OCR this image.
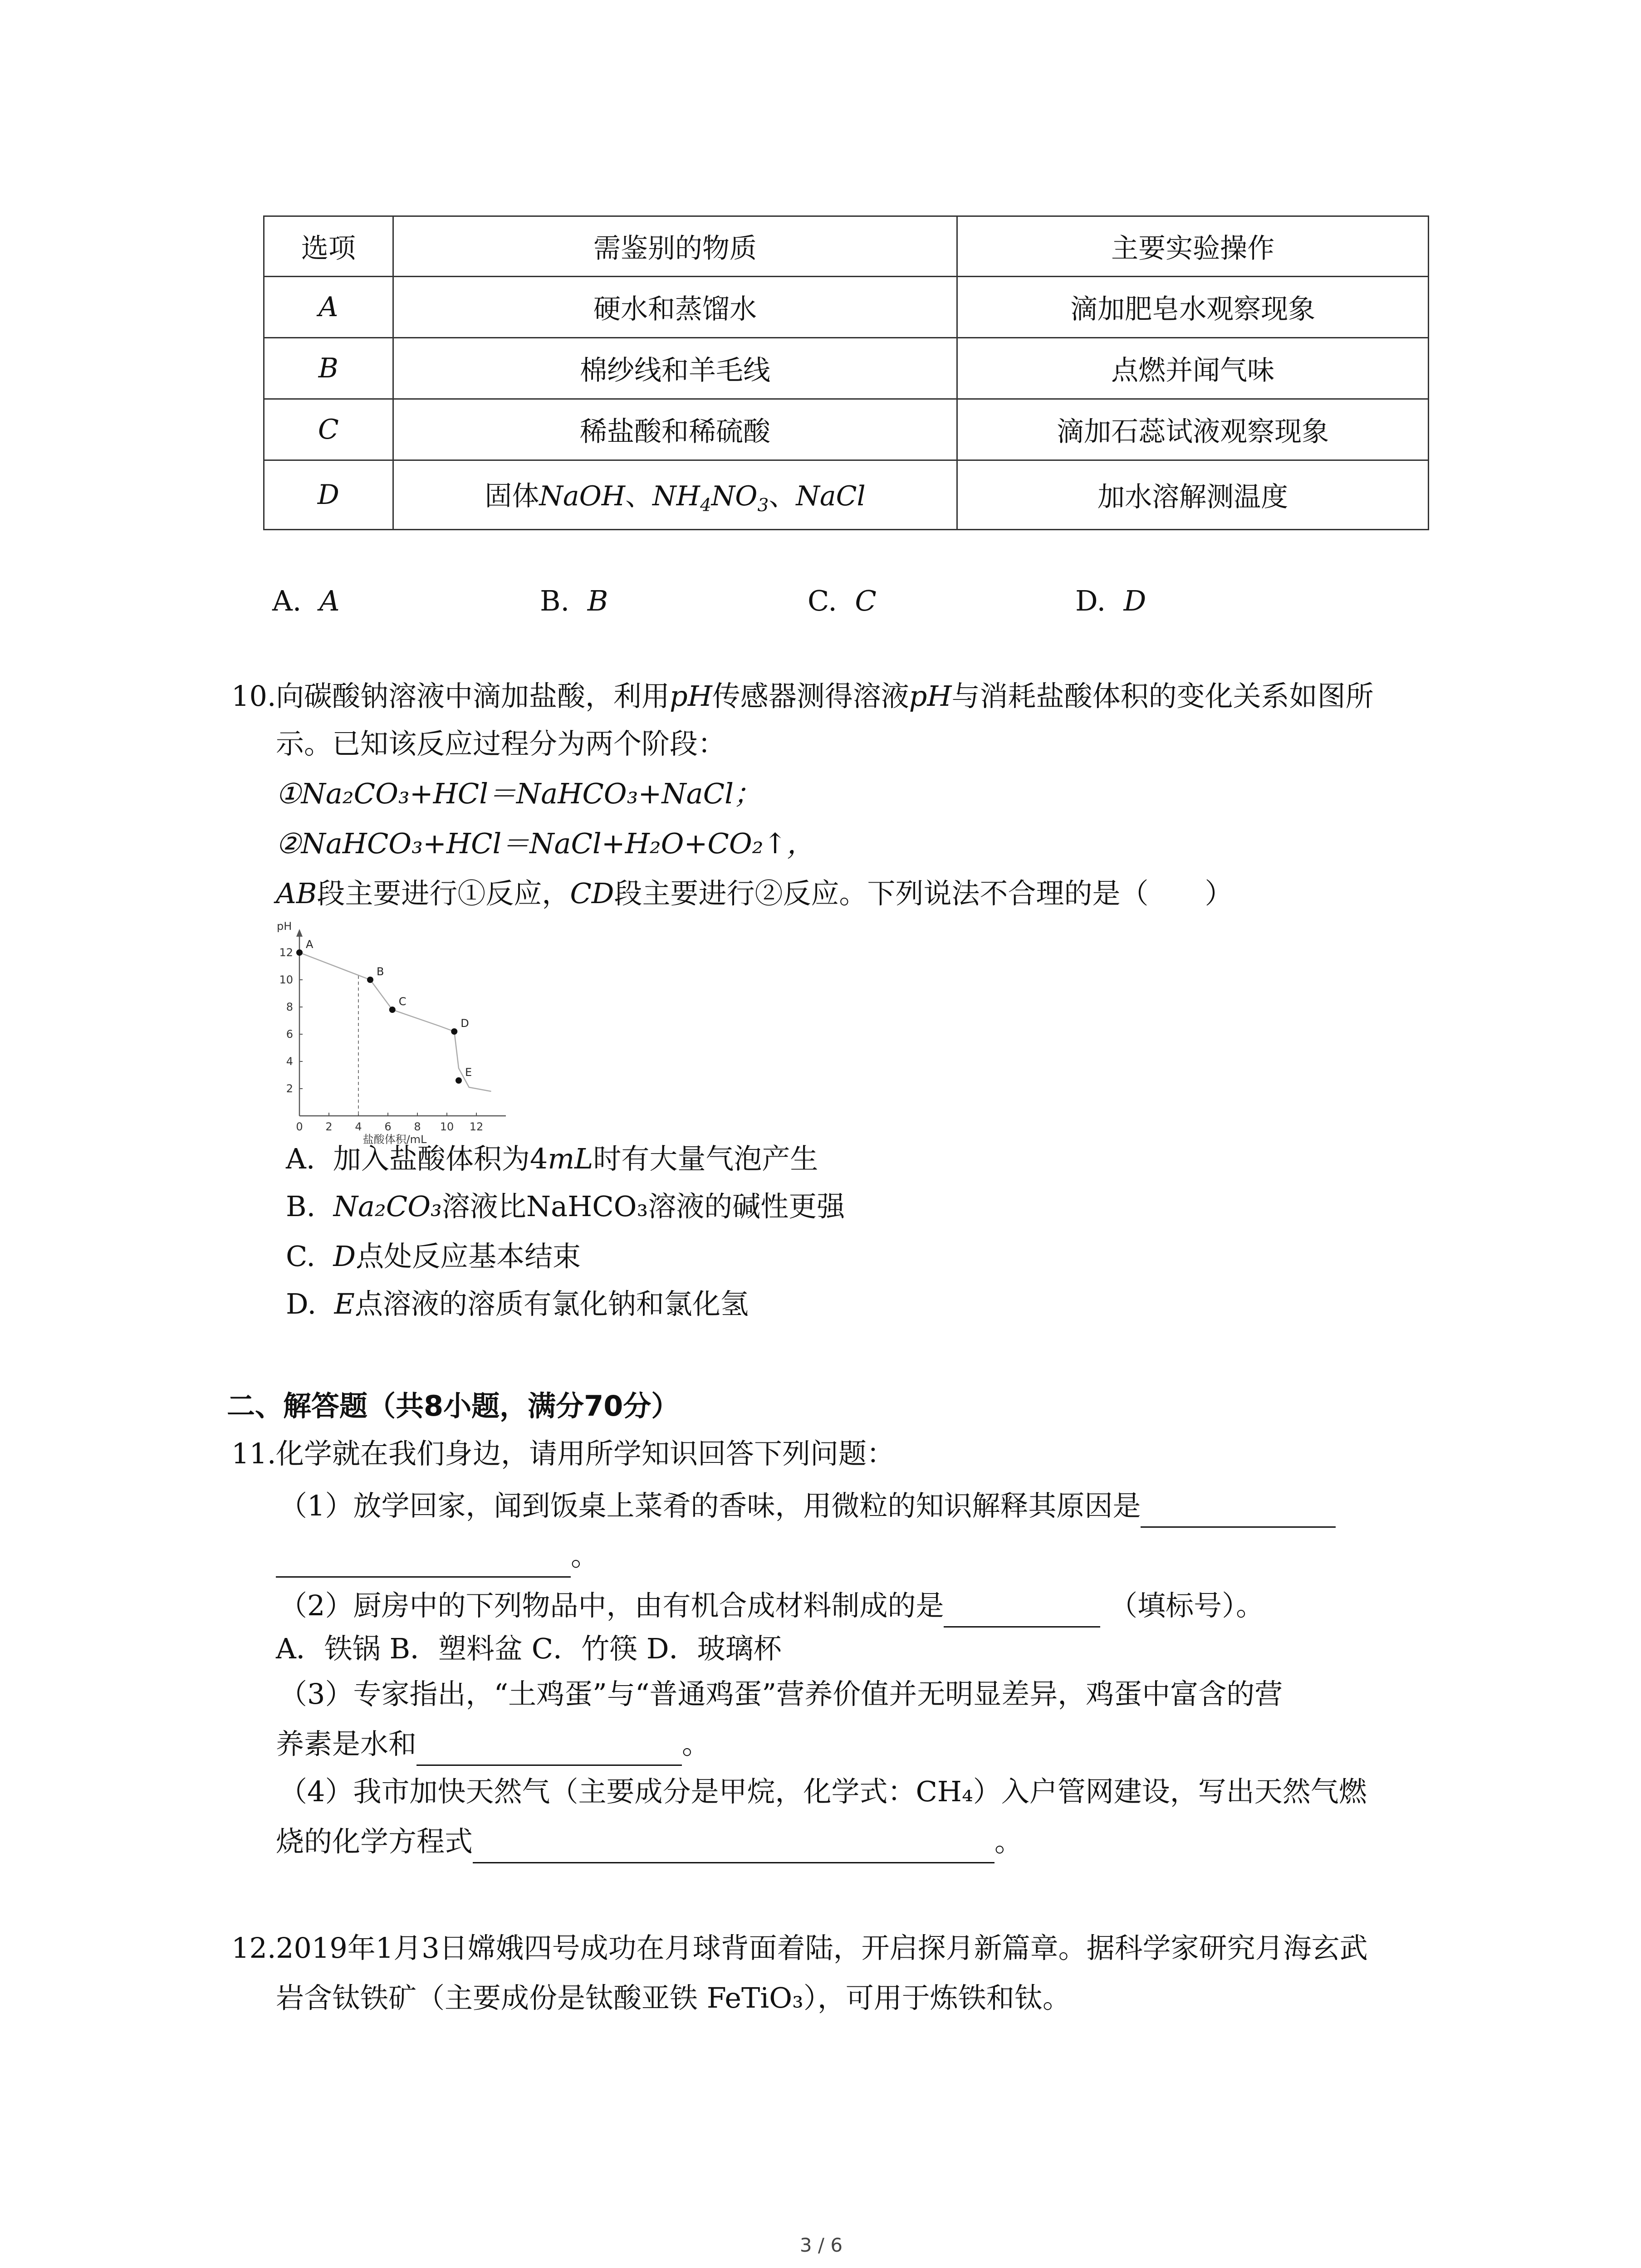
选项	需鉴别的物质	主要实验操作
A	硬水和蒸馏水	滴加肥皂水观察现象
B	棉纱线和羊毛线	点燃并闻气味
C	稀盐酸和稀硫酸	滴加石蕊试液观察现象
D	固体NaOH、$NH_4NO_3$、NaCl	加水溶解测温度
A. A	B. B	C. C	D. D
10. 向碳酸钠溶液中滴加盐酸，利用pH传感器测得溶液pH与消耗盐酸体积的变化关系如图所
示。已知该反应过程分为两个阶段：
①Na₂CO₃+HCl＝NaHCO₃+NaCl；
②NaHCO₃+HCl＝NaCl+H₂O+CO₂↑，
AB段主要进行①反应，CD段主要进行②反应。下列说法不合理的是（　　）
pH
2
4
6
8
10
12
0 2 4 6 8 10 12
A
B
C
D
E
盐酸体积/mL
A. 加入盐酸体积为4mL时有大量气泡产生
B. Na₂CO₃溶液比NaHCO₃溶液的碱性更强
C. D点处反应基本结束
D. E点溶液的溶质有氯化钠和氯化氢
二、解答题（共8小题，满分70分）
11. 化学就在我们身边，请用所学知识回答下列问题：
（1）放学回家，闻到饭桌上菜肴的香味，用微粒的知识解释其原因是
。
（2）厨房中的下列物品中，由有机合成材料制成的是	（填标号）。
A．铁锅 B．塑料盆 C．竹筷 D．玻璃杯
（3）专家指出，“土鸡蛋”与“普通鸡蛋”营养价值并无明显差异，鸡蛋中富含的营
养素是水和	。
（4）我市加快天然气（主要成分是甲烷，化学式：CH₄）入户管网建设，写出天然气燃
烧的化学方程式	。
12. 2019年1月3日嫦娥四号成功在月球背面着陆，开启探月新篇章。据科学家研究月海玄武
岩含钛铁矿（主要成份是钛酸亚铁 FeTiO₃），可用于炼铁和钛。
3 / 6
